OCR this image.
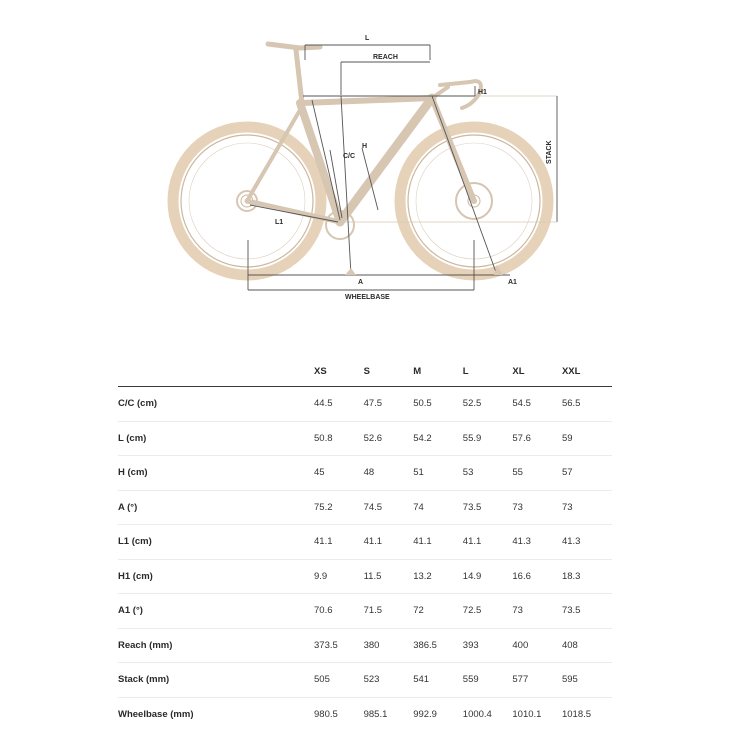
L
REACH
H1
STACK
C/C
H
L1
A	A1
WHEELBASE
XS	S	M	L	XL	XXL
C/C (cm)	44.5	47.5	50.5	52.5	54.5	56.5
L (cm)	50.8	52.6	54.2	55.9	57.6	59
H (cm)	45	48	51	53	55	57
A (°)	75.2	74.5	74	73.5	73	73
L1 (cm)	41.1	41.1	41.1	41.1	41.3	41.3
H1 (cm)	9.9	11.5	13.2	14.9	16.6	18.3
A1 (°)	70.6	71.5	72	72.5	73	73.5
Reach (mm)	373.5	380	386.5	393	400	408
Stack (mm)	505	523	541	559	577	595
Wheelbase (mm)	980.5	985.1	992.9	1000.4	1010.1	1018.5
